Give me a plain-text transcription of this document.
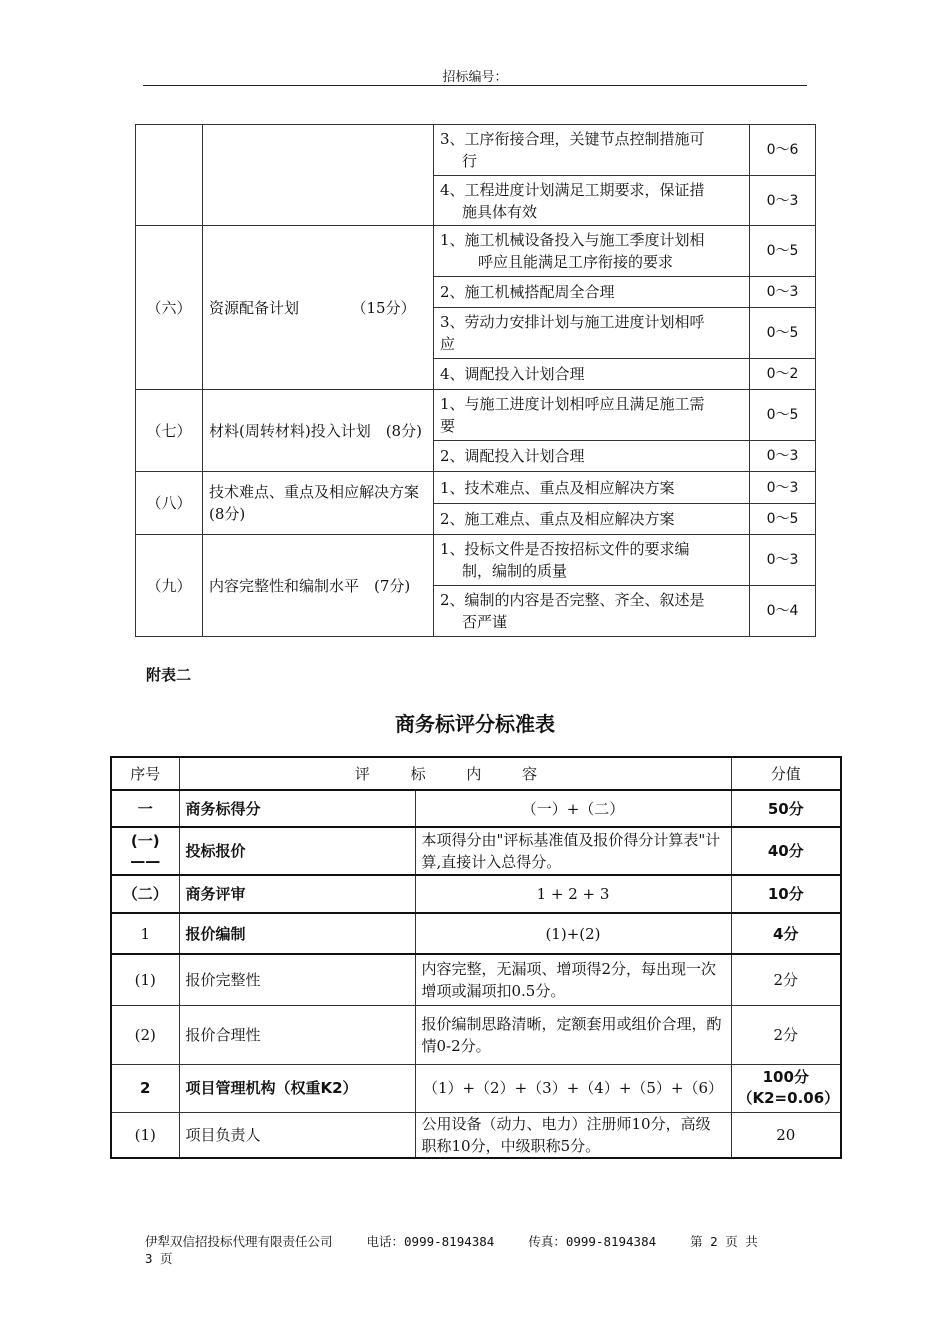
招标编号：
		3、工序衔接合理，关键节点控制措施可
行	0～6
		4、工程进度计划满足工期要求，保证措
施具体有效	0～3
（六）	资源配备计划　　　　（15分）	1、施工机械设备投入与施工季度计划相
呼应且能满足工序衔接的要求	0～5
		2、施工机械搭配周全合理	0～3
		3、劳动力安排计划与施工进度计划相呼
应	0～5
		4、调配投入计划合理	0～2
（七）	材料(周转材料)投入计划　(8分)	1、与施工进度计划相呼应且满足施工需
要	0～5
		2、调配投入计划合理	0～3
（八）	技术难点、重点及相应解决方案　(8分)	1、技术难点、重点及相应解决方案	0～3
		2、施工难点、重点及相应解决方案	0～5
（九）	内容完整性和编制水平　(7分)	1、投标文件是否按招标文件的要求编
制，编制的质量	0～3
		2、编制的内容是否完整、齐全、叙述是
否严谨	0～4
附表二
商务标评分标准表
序号	评 标 内 容		分值
一	商务标得分	（一）+（二）	50分
(一)
——	投标报价	本项得分由"评标基准值及报价得分计算表"计算,直接计入总得分。	40分
（二）	商务评审	1 + 2 + 3	10分
1	报价编制	(1)+(2)	4分
(1)	报价完整性	内容完整，无漏项、增项得2分，每出现一次增项或漏项扣0.5分。	2分
(2)	报价合理性	报价编制思路清晰，定额套用或组价合理，酌情0-2分。	2分
2	项目管理机构（权重K2）	（1）+（2）+（3）+（4）+（5）+（6）	100分
（K2=0.06）
(1)	项目负责人	公用设备（动力、电力）注册师10分，高级职称10分，中级职称5分。	20
伊犁双信招投标代理有限责任公司	电话：0999-8194384	传真：0999-8194384	第 2 页 共
3 页
